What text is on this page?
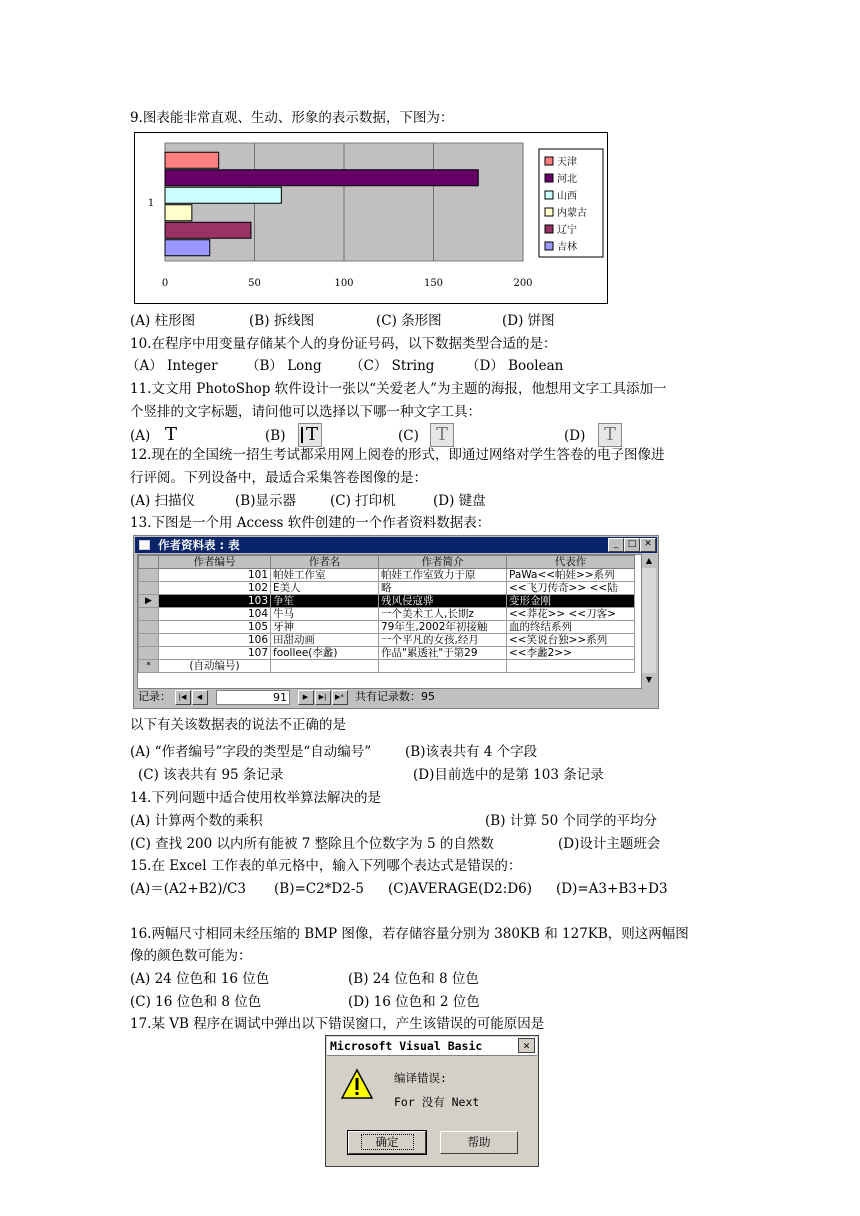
9.图表能非常直观、生动、形象的表示数据，下图为：
0	50	100	150	200
1
天津
河北
山西
内蒙古
辽宁
吉林
(A) 柱形图	(B) 拆线图	(C) 条形图	(D) 饼图
10.在程序中用变量存储某个人的身份证号码，以下数据类型合适的是：
（A） Integer （B） Long （C） String （D） Boolean
11.文文用 PhotoShop 软件设计一张以“关爱老人”为主题的海报，他想用文字工具添加一
个竖排的文字标题，请问他可以选择以下哪一种文字工具：
(A) T	(B) T	(C) T	(D)	T
12.现在的全国统一招生考试都采用网上阅卷的形式，即通过网络对学生答卷的电子图像进
行评阅。下列设备中，最适合采集答卷图像的是：
(A) 扫描仪	(B)显示器	(C) 打印机	(D) 键盘
13.下图是一个用 Access 软件创建的一个作者资料数据表：
作者资料表 : 表	_	□ ✕
	作者编号	作者名	作者简介	代表作
	101	帕娃工作室	帕娃工作室致力于原	PaWa<<帕娃>>系列
	102	E美人	略	<<飞刀传奇>> <<陆
▶	103	争笙	残风侵寇骅	变形金刚
	104	牛马	一个美术工人,长期z	<<莽花>> <<刀客>
	105	牙神	79年生,2002年初接触	血的终结系列
	106	田甜动画	一个平凡的女孩,经月	<<笑说台独>>系列
	107	foollee(李蠡)	作品"累透社"于第29	<<李蠡2>>
*	(自动编号)			
▲
▼
记录： |◀ ◀	91 ▶ ▶| ▶* 共有记录数：95
以下有关该数据表的说法不正确的是
(A) “作者编号”字段的类型是“自动编号”	(B)该表共有 4 个字段
(C) 该表共有 95 条记录	(D)目前选中的是第 103 条记录
14.下列问题中适合使用枚举算法解决的是
(A) 计算两个数的乘积	(B) 计算 50 个同学的平均分
(C) 查找 200 以内所有能被 7 整除且个位数字为 5 的自然数	(D)设计主题班会
15.在 Excel 工作表的单元格中，输入下列哪个表达式是错误的：
(A)＝(A2+B2)/C3 (B)=C2*D2-5 (C)AVERAGE(D2:D6) (D)=A3+B3+D3
16.两幅尺寸相同未经压缩的 BMP 图像，若存储容量分别为 380KB 和 127KB，则这两幅图
像的颜色数可能为：
(A) 24 位色和 16 位色	(B) 24 位色和 8 位色
(C) 16 位色和 8 位色	(D) 16 位色和 2 位色
17.某 VB 程序在调试中弹出以下错误窗口，产生该错误的可能原因是
Microsoft Visual Basic	✕
编译错误:
For 没有 Next
确定	帮助
